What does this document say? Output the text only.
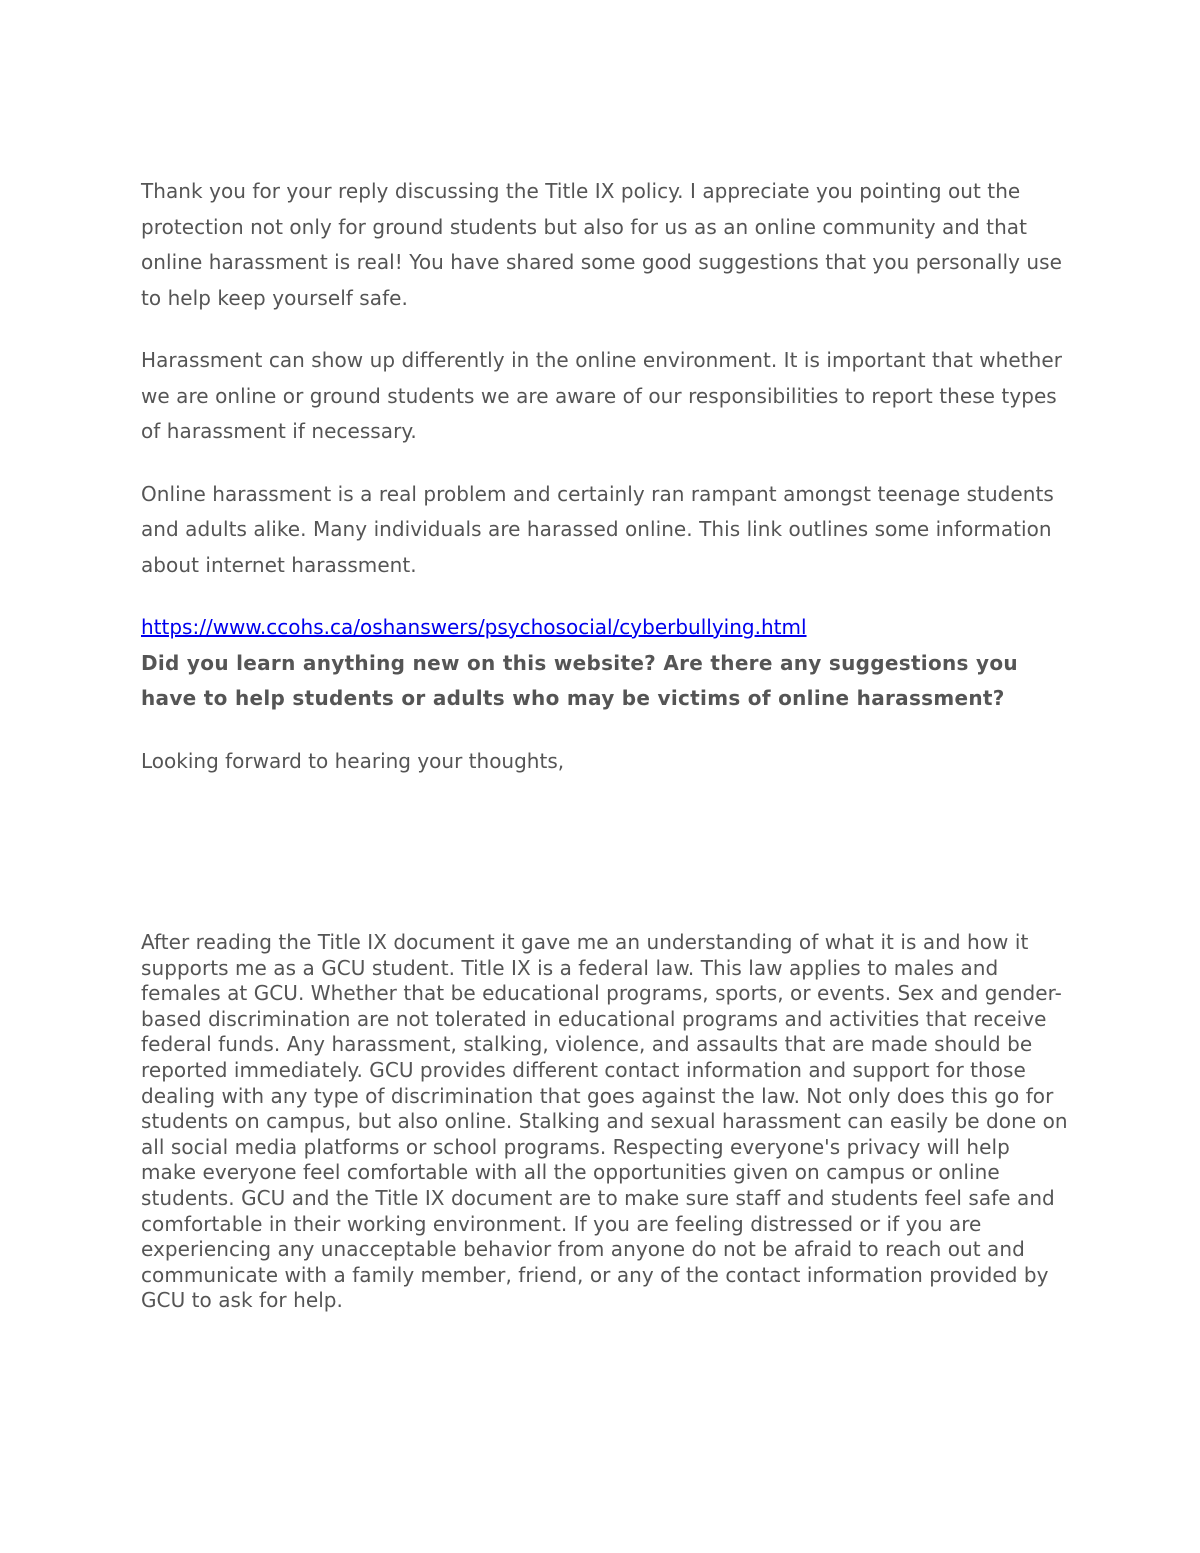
Thank you for your reply discussing the Title IX policy. I appreciate you pointing out the protection not only for ground students but also for us as an online community and that online harassment is real! You have shared some good suggestions that you personally use to help keep yourself safe.

Harassment can show up differently in the online environment. It is important that whether we are online or ground students we are aware of our responsibilities to report these types of harassment if necessary.

Online harassment is a real problem and certainly ran rampant amongst teenage students and adults alike. Many individuals are harassed online. This link outlines some information about internet harassment.

https://www.ccohs.ca/oshanswers/psychosocial/cyberbullying.html

Did you learn anything new on this website? Are there any suggestions you have to help students or adults who may be victims of online harassment?

Looking forward to hearing your thoughts,

After reading the Title IX document it gave me an understanding of what it is and how it supports me as a GCU student. Title IX is a federal law. This law applies to males and females at GCU. Whether that be educational programs, sports, or events. Sex and gender-based discrimination are not tolerated in educational programs and activities that receive federal funds. Any harassment, stalking, violence, and assaults that are made should be reported immediately. GCU provides different contact information and support for those dealing with any type of discrimination that goes against the law. Not only does this go for students on campus, but also online. Stalking and sexual harassment can easily be done on all social media platforms or school programs. Respecting everyone's privacy will help make everyone feel comfortable with all the opportunities given on campus or online students. GCU and the Title IX document are to make sure staff and students feel safe and comfortable in their working environment. If you are feeling distressed or if you are experiencing any unacceptable behavior from anyone do not be afraid to reach out and communicate with a family member, friend, or any of the contact information provided by GCU to ask for help.
